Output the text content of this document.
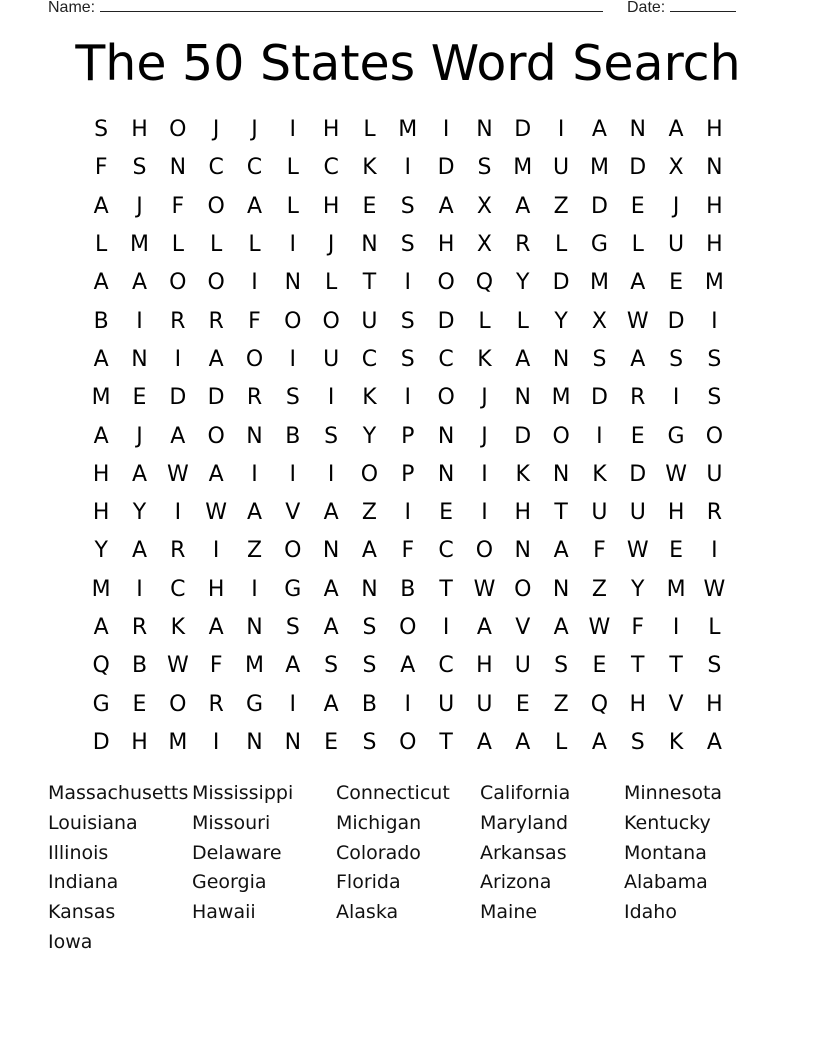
Name:	Date:
The 50 States Word Search
S	H O	J	J	I	H	L	M	I	N D	I	A	N	A	H
F	S	N	C	C	L	C	K	I	D	S M U M D	X	N
A	J	F	O	A	L	H	E	S	A	X	A	Z	D	E	J	H
L	M	L	L	L	I	J	N	S	H	X	R	L	G	L	U	H
A	A	O O	I	N	L	T	I	O Q	Y	D M A	E M
B	I	R	R	F	O O U	S	D	L	L	Y	X W D	I
A	N	I	A	O	I	U	C	S	C	K	A	N	S	A	S	S
M E	D D	R	S	I	K	I	O	J	N M D	R	I	S
A	J	A	O N	B	S	Y	P	N	J	D O	I	E	G O
H	A W A	I	I	I	O	P	N	I	K	N	K	D W U
H	Y	I	W A	V	A	Z	I	E	I	H	T	U	U	H	R
Y	A	R	I	Z	O N	A	F	C O N	A	F W E	I
M	I	C	H	I	G	A	N	B	T W O N	Z	Y	M W
A	R	K	A	N	S	A	S	O	I	A	V	A W F	I	L
Q	B W F	M A	S	S	A	C	H	U	S	E	T	T	S
G	E	O	R	G	I	A	B	I	U	U	E	Z	Q H	V	H
D H M	I	N N	E	S	O	T	A	A	L	A	S	K	A
Massachusetts Mississippi	Connecticut	California	Minnesota
Louisiana	Missouri	Michigan	Maryland	Kentucky
Illinois	Delaware	Colorado	Arkansas	Montana
Indiana	Georgia	Florida	Arizona	Alabama
Kansas	Hawaii	Alaska	Maine	Idaho
Iowa
